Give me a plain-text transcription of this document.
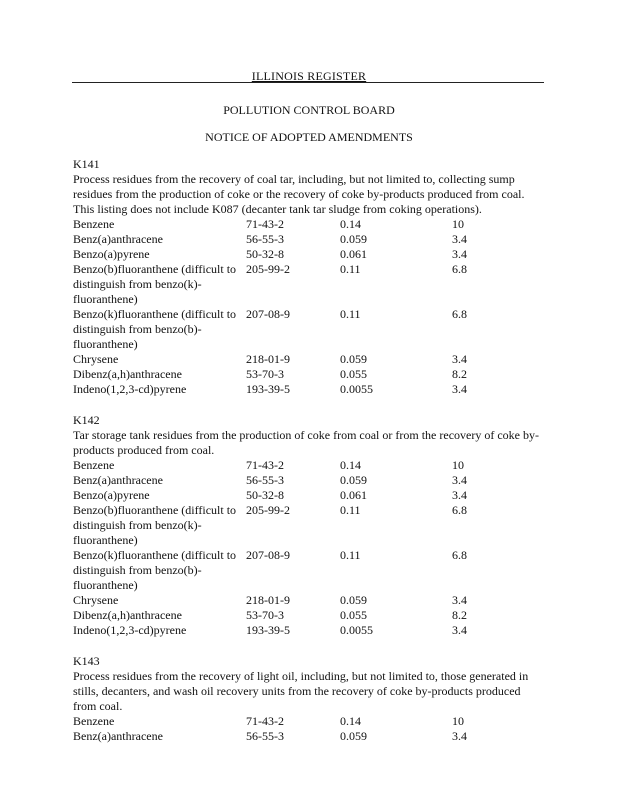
ILLINOIS REGISTER
POLLUTION CONTROL BOARD
NOTICE OF ADOPTED AMENDMENTS
K141

Process residues from the recovery of coal tar, including, but not limited to, collecting sump residues from the production of coke or the recovery of coke by-products produced from coal. This listing does not include K087 (decanter tank tar sludge from coking operations).

Benzene	71-43-2	0.14	10
Benz(a)anthracene	56-55-3	0.059	3.4
Benzo(a)pyrene	50-32-8	0.061	3.4
Benzo(b)fluoranthene (difficult to distinguish from benzo(k)-fluoranthene)	205-99-2	0.11	6.8
Benzo(k)fluoranthene (difficult to distinguish from benzo(b)-fluoranthene)	207-08-9	0.11	6.8
Chrysene	218-01-9	0.059	3.4
Dibenz(a,h)anthracene	53-70-3	0.055	8.2
Indeno(1,2,3-cd)pyrene	193-39-5	0.0055	3.4
K142

Tar storage tank residues from the production of coke from coal or from the recovery of coke by-products produced from coal.

Benzene	71-43-2	0.14	10
Benz(a)anthracene	56-55-3	0.059	3.4
Benzo(a)pyrene	50-32-8	0.061	3.4
Benzo(b)fluoranthene (difficult to distinguish from benzo(k)-fluoranthene)	205-99-2	0.11	6.8
Benzo(k)fluoranthene (difficult to distinguish from benzo(b)-fluoranthene)	207-08-9	0.11	6.8
Chrysene	218-01-9	0.059	3.4
Dibenz(a,h)anthracene	53-70-3	0.055	8.2
Indeno(1,2,3-cd)pyrene	193-39-5	0.0055	3.4
K143

Process residues from the recovery of light oil, including, but not limited to, those generated in stills, decanters, and wash oil recovery units from the recovery of coke by-products produced from coal.

Benzene	71-43-2	0.14	10
Benz(a)anthracene	56-55-3	0.059	3.4
